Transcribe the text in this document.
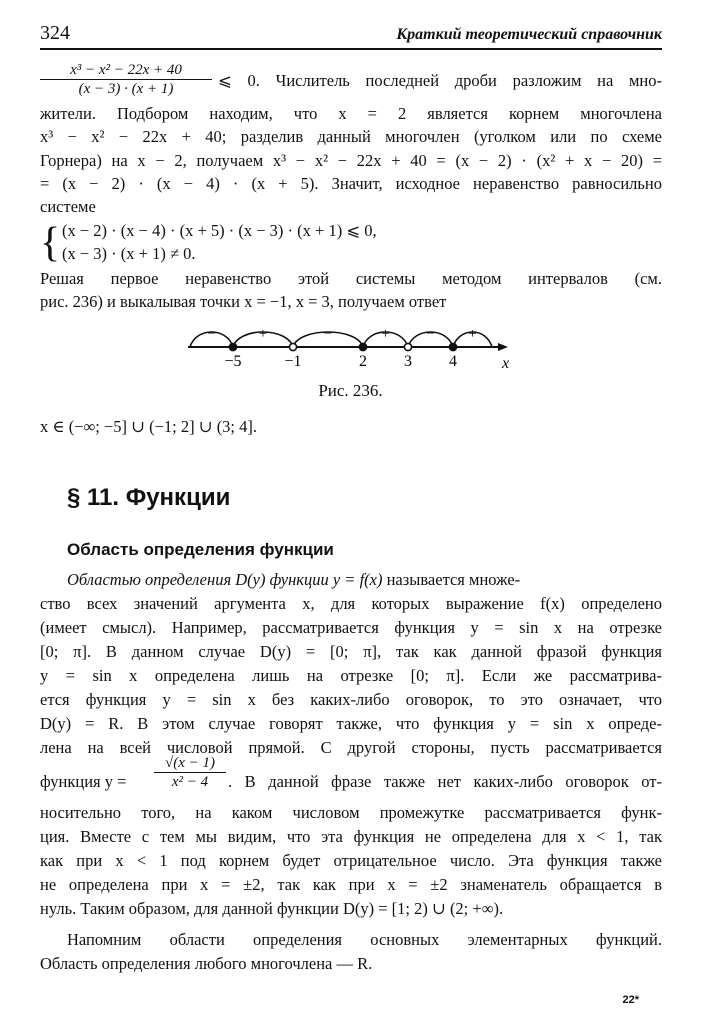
324	Краткий теоретический справочник
$\frac{\text{x³ − x² − 22x + 40}}{(x - 3) \cdot (x + 1)}$ ⩽ 0. Числитель последней дроби разложим на мно-
жители. Подбором находим, что x = 2 является корнем многочлена
x³ − x² − 22x + 40; разделив данный многочлен (уголком или по схеме
Горнера) на x − 2, получаем x³ − x² − 22x + 40 = (x − 2) · (x² + x − 20) =
= (x − 2) · (x − 4) · (x + 5). Значит, исходное неравенство равносильно
системе
{ (x − 2) · (x − 4) · (x + 5) · (x − 3) · (x + 1) ⩽ 0,
(x − 3) · (x + 1) ≠ 0.
Решая первое неравенство этой системы методом интервалов (см.
рис. 236) и выкалывая точки x = −1, x = 3, получаем ответ
x
−	+	−	+ − +
−5	−1	2 3 4
Рис. 236.
x ∈ (−∞; −5] ∪ (−1; 2] ∪ (3; 4].
§ 11. Функции
Область определения функции
Областью определения D(y) функции y = f(x) называется множе-
ство всех значений аргумента x, для которых выражение f(x) определено
(имеет смысл). Например, рассматривается функция y = sin x на отрезке
[0; π]. В данном случае D(y) = [0; π], так как данной фразой функция
y = sin x определена лишь на отрезке [0; π]. Если же рассматрива-
ется функция y = sin x без каких-либо оговорок, то это означает, что
D(y) = R. В этом случае говорят также, что функция y = sin x опреде-
лена на всей числовой прямой. С другой стороны, пусть рассматривается
функция y =	$\frac{√(x - 1)}{\text{x² − 4}}$ . В данной фразе также нет каких-либо оговорок от-
носительно того, на каком числовом промежутке рассматривается функ-
ция. Вместе с тем мы видим, что эта функция не определена для x < 1, так
как при x < 1 под корнем будет отрицательное число. Эта функция также
не определена при x = ±2, так как при x = ±2 знаменатель обращается в
нуль. Таким образом, для данной функции D(y) = [1; 2) ∪ (2; +∞).
Напомним области определения основных элементарных функций.
Область определения любого многочлена — R.
22*
